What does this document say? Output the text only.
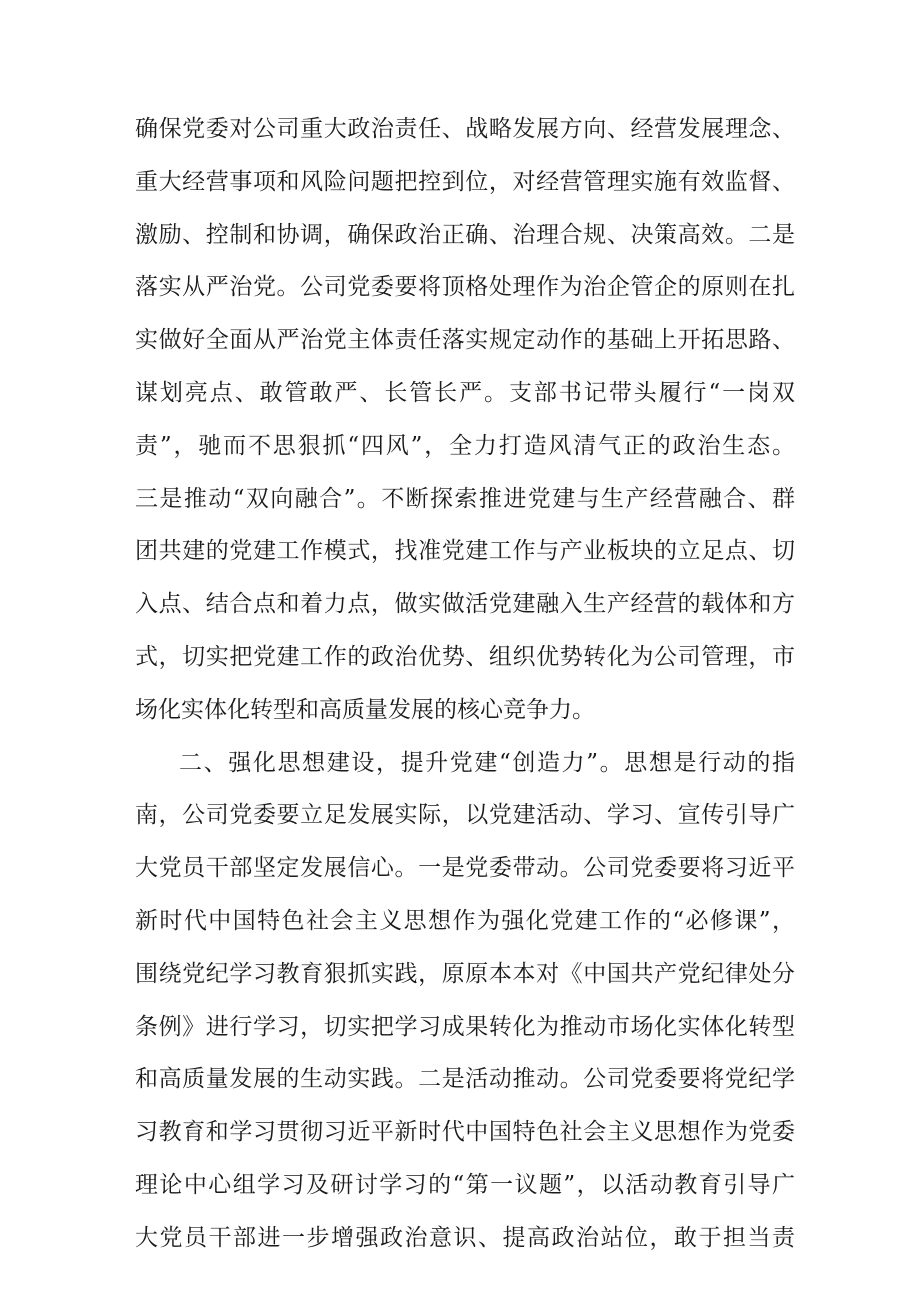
确保党委对公司重大政治责任、战略发展方向、经营发展理念、
重大经营事项和风险问题把控到位，对经营管理实施有效监督、
激励、控制和协调，确保政治正确、治理合规、决策高效。二是
落实从严治党。公司党委要将顶格处理作为治企管企的原则在扎
实做好全面从严治党主体责任落实规定动作的基础上开拓思路、
谋划亮点、敢管敢严、长管长严。支部书记带头履行“一岗双
责”，驰而不思狠抓“四风”，全力打造风清气正的政治生态。
三是推动“双向融合”。不断探索推进党建与生产经营融合、群
团共建的党建工作模式，找准党建工作与产业板块的立足点、切
入点、结合点和着力点，做实做活党建融入生产经营的载体和方
式，切实把党建工作的政治优势、组织优势转化为公司管理，市
场化实体化转型和高质量发展的核心竞争力。
二、强化思想建设，提升党建“创造力”。思想是行动的指
南，公司党委要立足发展实际，以党建活动、学习、宣传引导广
大党员干部坚定发展信心。一是党委带动。公司党委要将习近平
新时代中国特色社会主义思想作为强化党建工作的“必修课”，
围绕党纪学习教育狠抓实践，原原本本对《中国共产党纪律处分
条例》进行学习，切实把学习成果转化为推动市场化实体化转型
和高质量发展的生动实践。二是活动推动。公司党委要将党纪学
习教育和学习贯彻习近平新时代中国特色社会主义思想作为党委
理论中心组学习及研讨学习的“第一议题”，以活动教育引导广
大党员干部进一步增强政治意识、提高政治站位，敢于担当责
